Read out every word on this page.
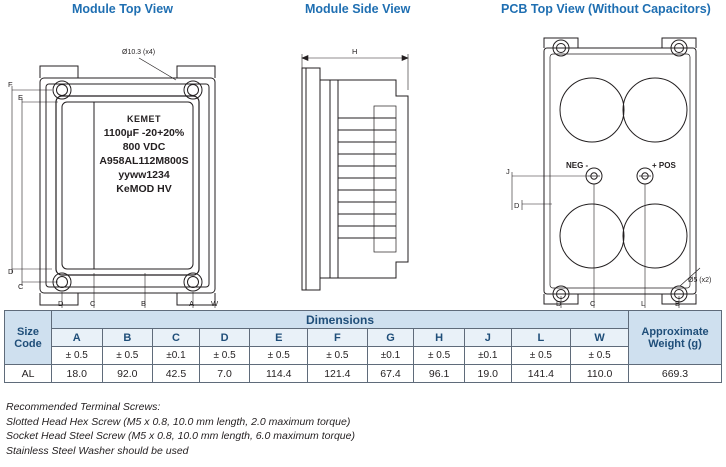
Module Top View	Module Side View	PCB Top View (Without Capacitors)
Ø10.3 (x4)
F
E
D
C
D	C	B	A W
KEMET
1100µF -20+20%
800 VDC
A958AL112M800S
yyww1234
KeMOD HV
H
J
D
D	C	L	B
NEG -	+ POS
Ø5 (x2)
Size Code	Dimensions											Approximate Weight (g)
	A	B	C	D	E	F	G	H	J	L	W	
	± 0.5	± 0.5	±0.1	± 0.5	± 0.5	± 0.5	±0.1	± 0.5	±0.1	± 0.5	± 0.5	
AL	18.0	92.0	42.5	7.0	114.4	121.4	67.4	96.1	19.0	141.4	110.0	669.3
Recommended Terminal Screws:
Slotted Head Hex Screw (M5 x 0.8, 10.0 mm length, 2.0 maximum torque)
Socket Head Steel Screw (M5 x 0.8, 10.0 mm length, 6.0 maximum torque)
Stainless Steel Washer should be used
